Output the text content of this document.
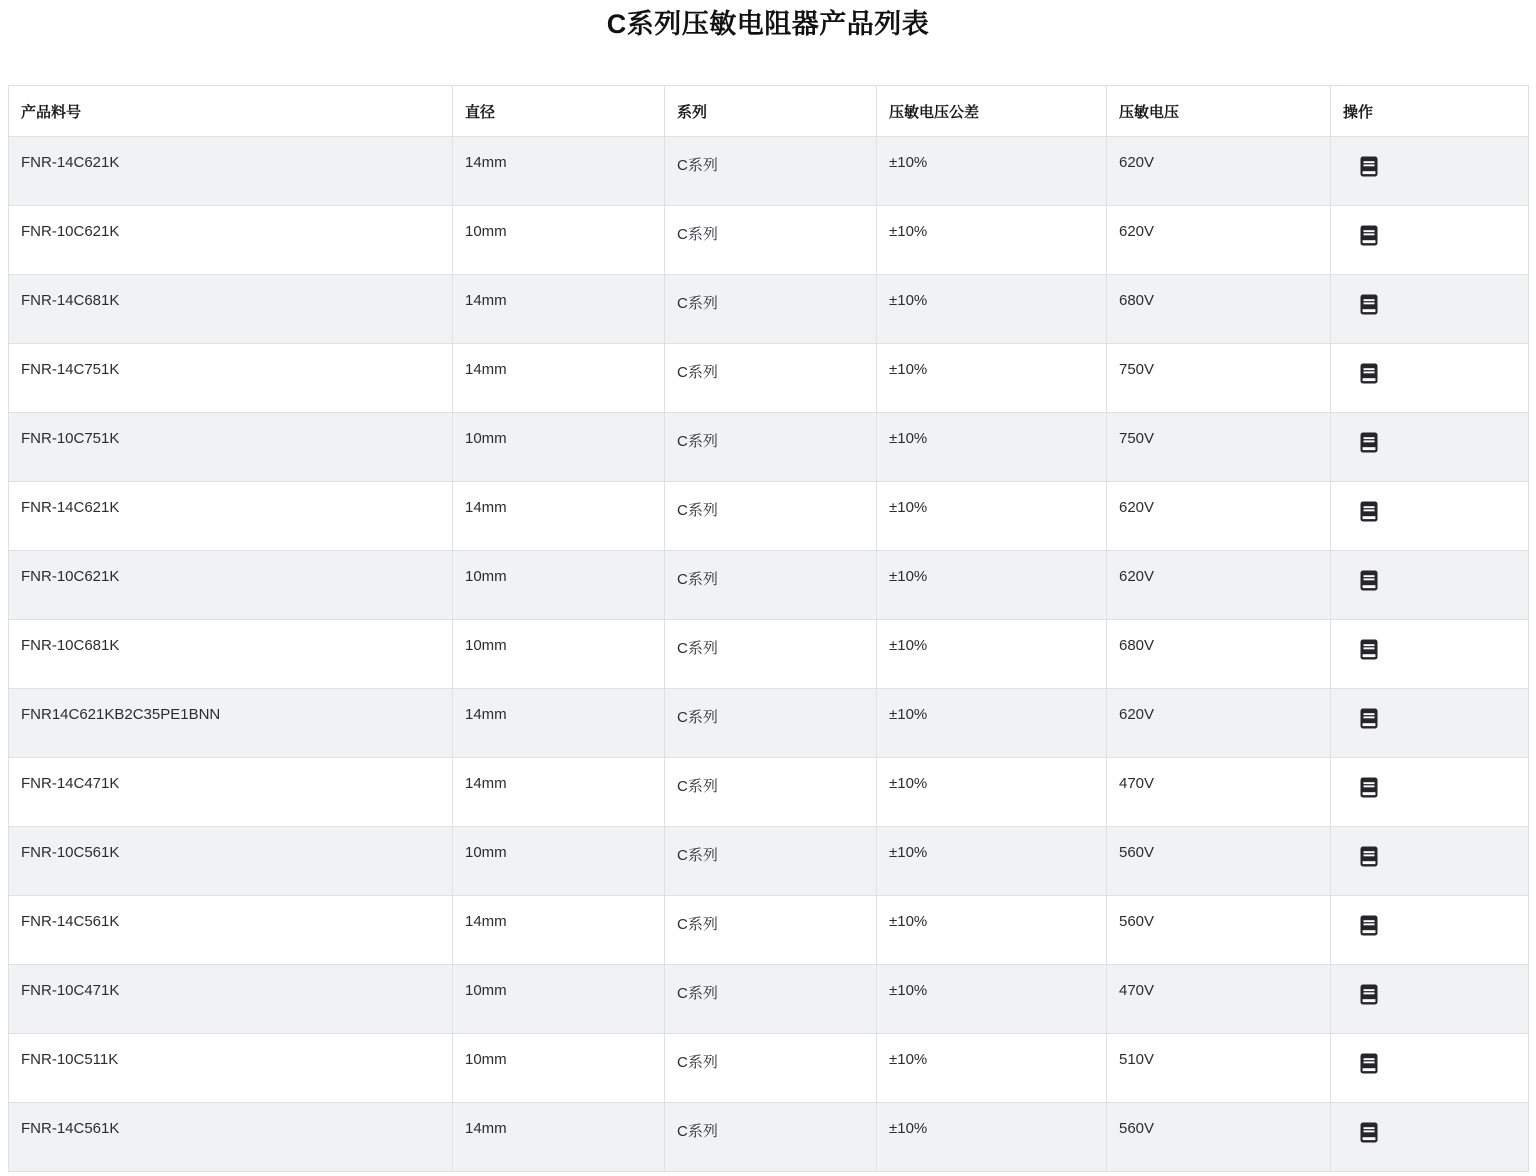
C系列压敏电阻器产品列表
产品料号	直径	系列	压敏电压公差	压敏电压	操作
FNR-14C621K	14mm	C系列	±10%	620V	

FNR-10C621K	10mm	C系列	±10%	620V	

FNR-14C681K	14mm	C系列	±10%	680V	

FNR-14C751K	14mm	C系列	±10%	750V	

FNR-10C751K	10mm	C系列	±10%	750V	

FNR-14C621K	14mm	C系列	±10%	620V	

FNR-10C621K	10mm	C系列	±10%	620V	

FNR-10C681K	10mm	C系列	±10%	680V	

FNR14C621KB2C35PE1BNN	14mm	C系列	±10%	620V	

FNR-14C471K	14mm	C系列	±10%	470V	

FNR-10C561K	10mm	C系列	±10%	560V	

FNR-14C561K	14mm	C系列	±10%	560V	

FNR-10C471K	10mm	C系列	±10%	470V	

FNR-10C511K	10mm	C系列	±10%	510V	

FNR-14C561K	14mm	C系列	±10%	560V	
